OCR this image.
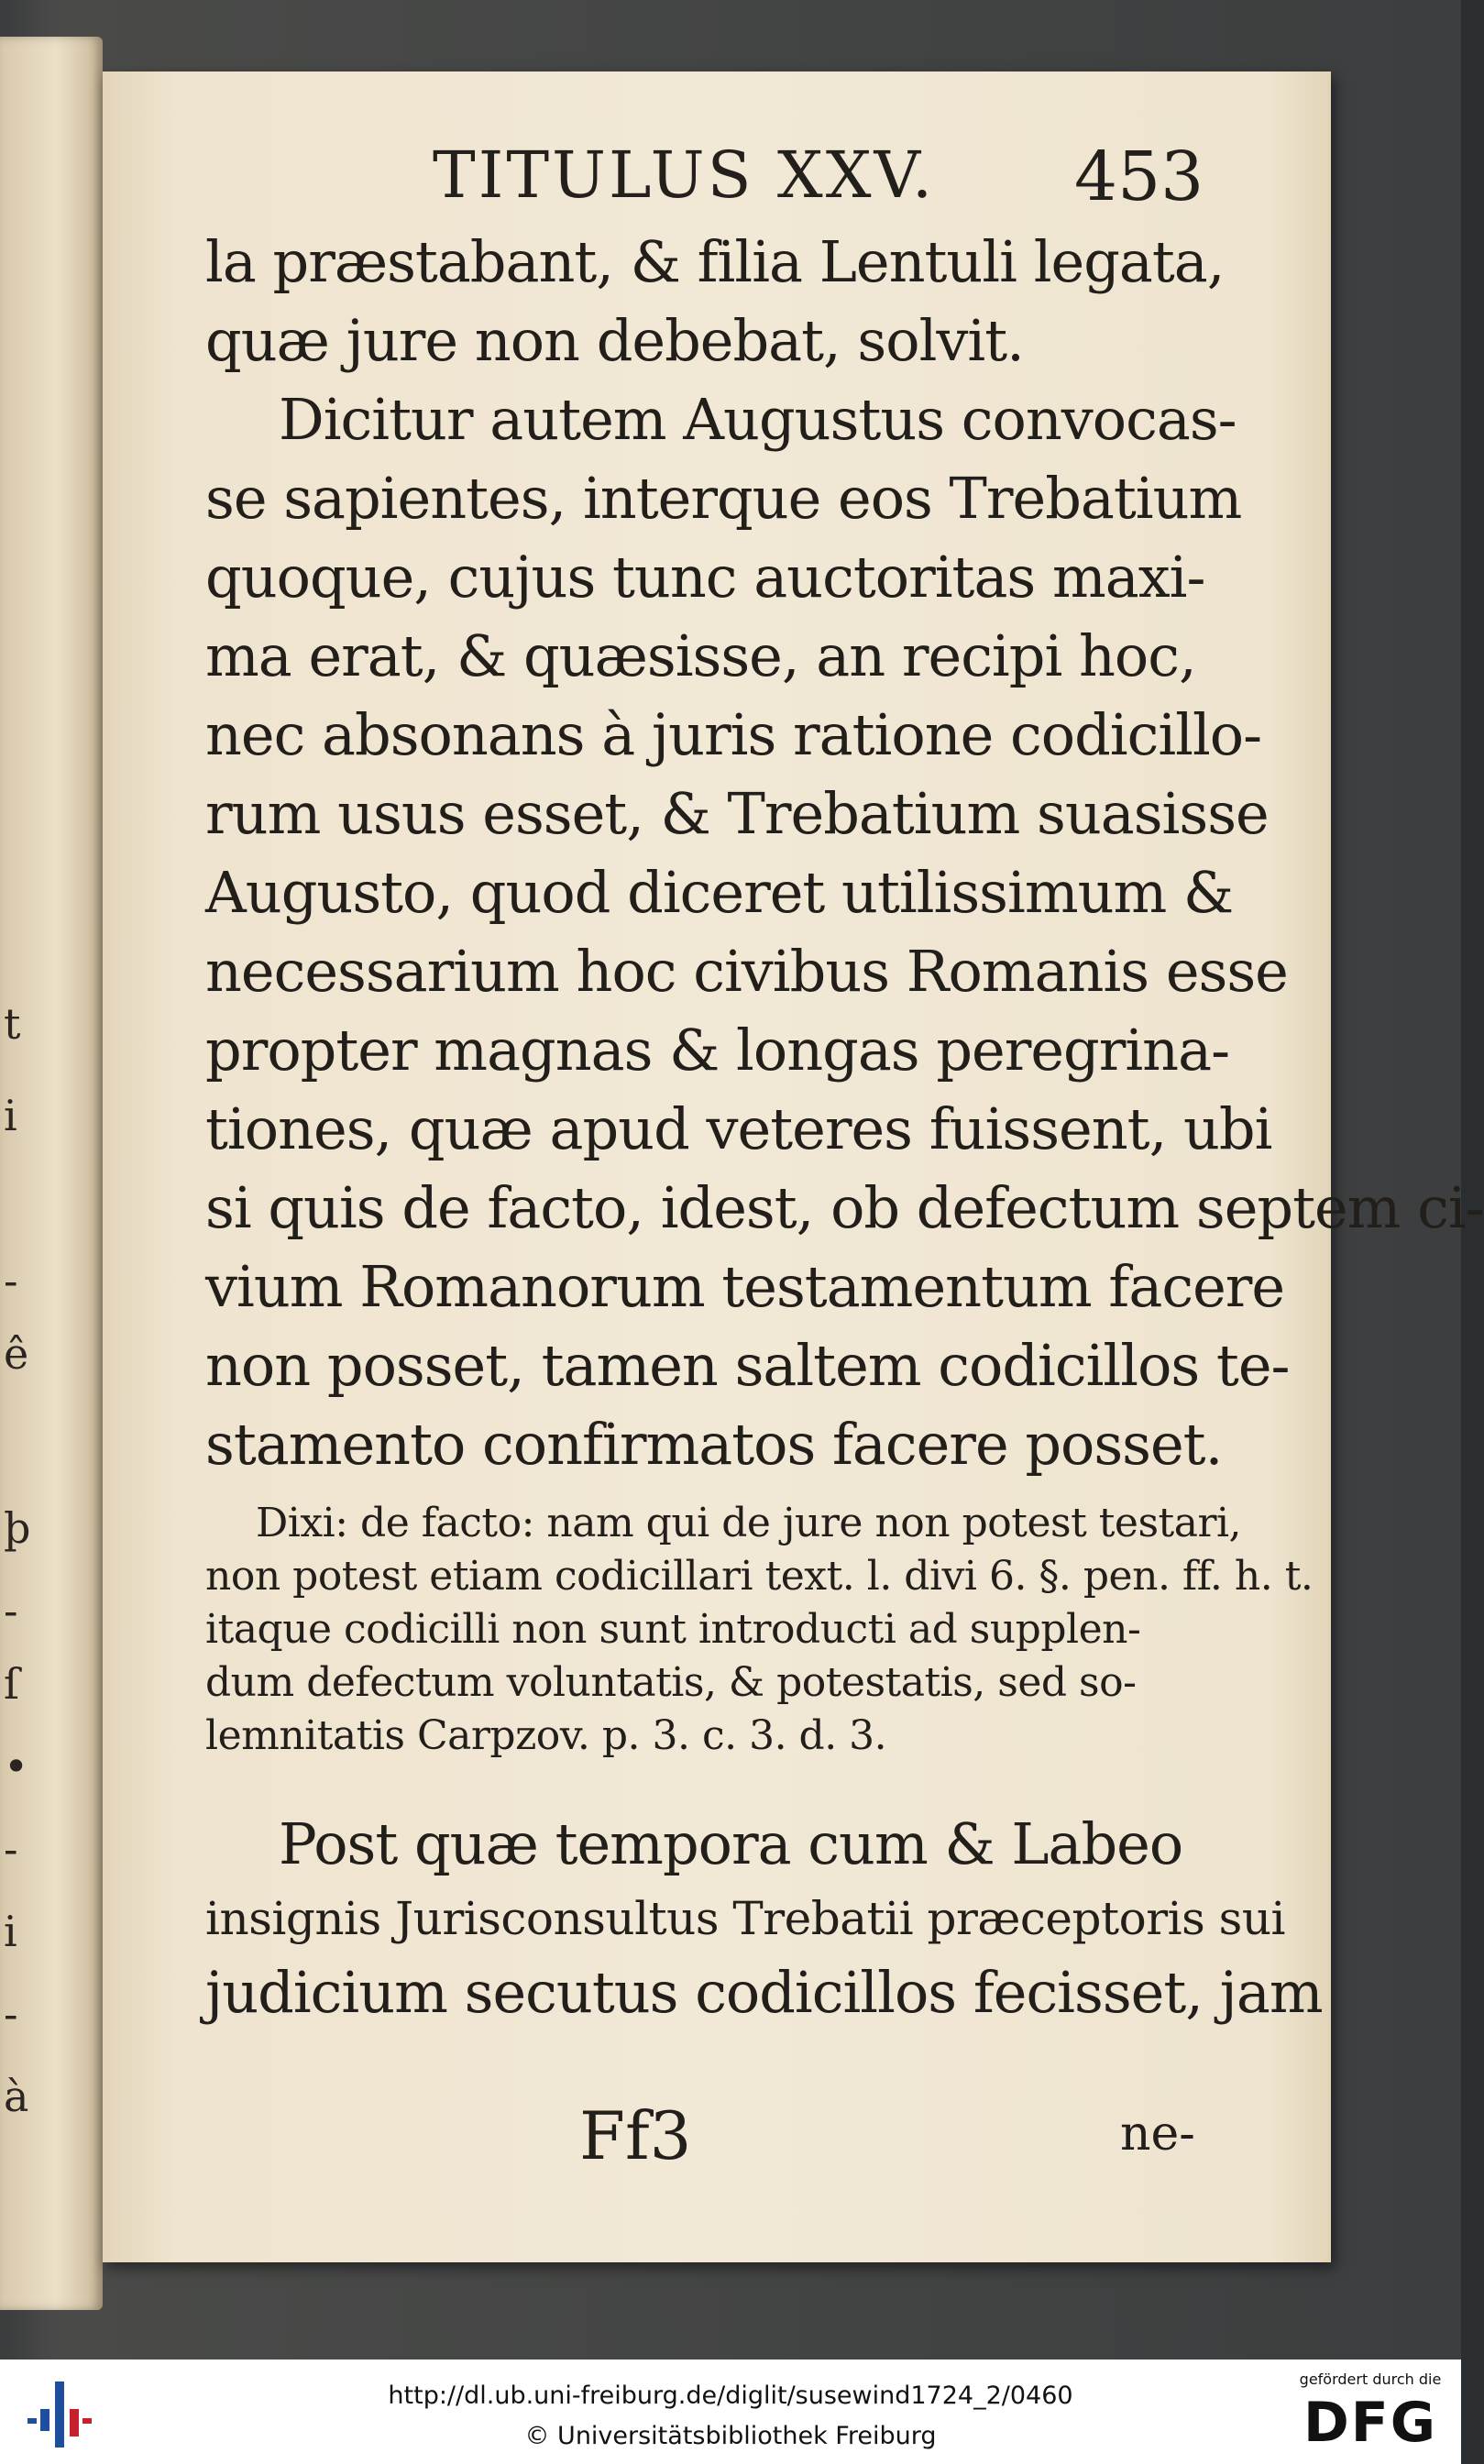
t
i
-
ê
þ
-
ſ
•
-
i
-
à
TITULUS XXV. 453
la præstabant, & filia Lentuli legata,
quæ jure non debebat, solvit.
Dicitur autem Augustus convocas-
se sapientes, interque eos Trebatium
quoque, cujus tunc auctoritas maxi-
ma erat, & quæsisse, an recipi hoc,
nec absonans à juris ratione codicillo-
rum usus esset, & Trebatium suasisse
Augusto, quod diceret utilissimum &
necessarium hoc civibus Romanis esse
propter magnas & longas peregrina-
tiones, quæ apud veteres fuissent, ubi
si quis de facto, idest, ob defectum septem ci-
vium Romanorum testamentum facere
non posset, tamen saltem codicillos te-
stamento confirmatos facere posset.
Dixi: de facto: nam qui de jure non potest testari,
non potest etiam codicillari text. l. divi 6. §. pen. ff. h. t.
itaque codicilli non sunt introducti ad supplen-
dum defectum voluntatis, & potestatis, sed so-
lemnitatis Carpzov. p. 3. c. 3. d. 3.
Post quæ tempora cum & Labeo
insignis Jurisconsultus Trebatii præceptoris sui
judicium secutus codicillos fecisset, jam
Ff3	ne-
http://dl.ub.uni-freiburg.de/diglit/susewind1724_2/0460
© Universitätsbibliothek Freiburg
gefördert durch die
DFG
